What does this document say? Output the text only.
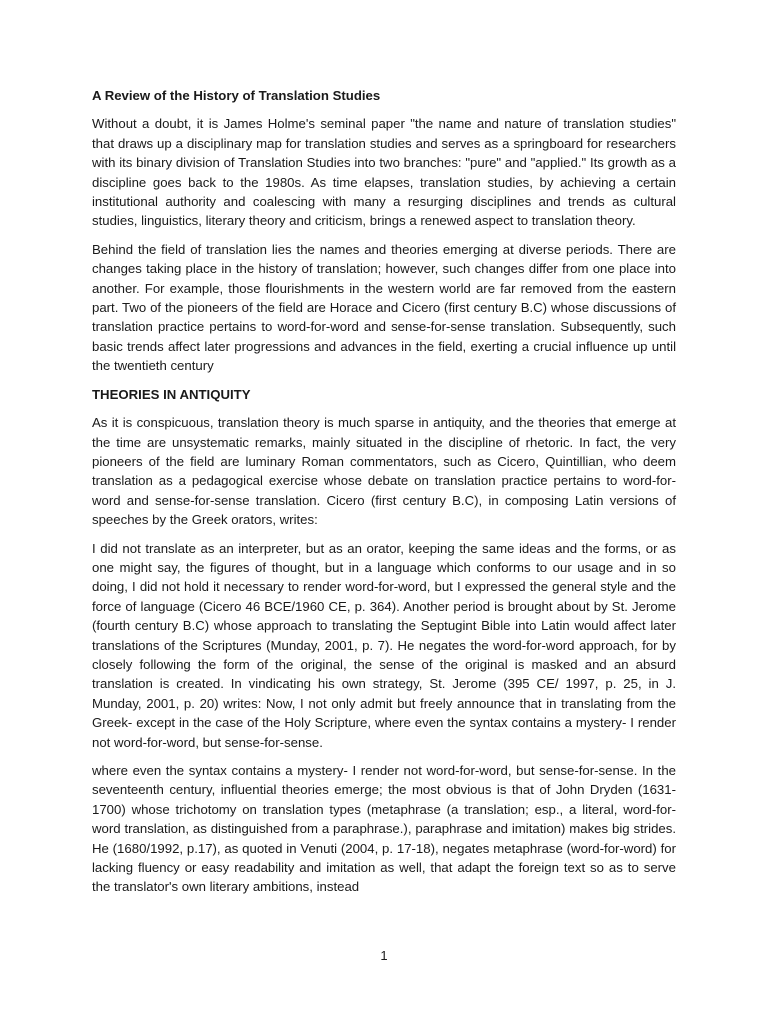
A Review of the History of Translation Studies

Without a doubt, it is James Holme's seminal paper "the name and nature of translation studies" that draws up a disciplinary map for translation studies and serves as a springboard for researchers with its binary division of Translation Studies into two branches: "pure" and "applied." Its growth as a discipline goes back to the 1980s. As time elapses, translation studies, by achieving a certain institutional authority and coalescing with many a resurging disciplines and trends as cultural studies, linguistics, literary theory and criticism, brings a renewed aspect to translation theory.

Behind the field of translation lies the names and theories emerging at diverse periods. There are changes taking place in the history of translation; however, such changes differ from one place into another. For example, those flourishments in the western world are far removed from the eastern part. Two of the pioneers of the field are Horace and Cicero (first century B.C) whose discussions of translation practice pertains to word-for-word and sense-for-sense translation. Subsequently, such basic trends affect later progressions and advances in the field, exerting a crucial influence up until the twentieth century

THEORIES IN ANTIQUITY

As it is conspicuous, translation theory is much sparse in antiquity, and the theories that emerge at the time are unsystematic remarks, mainly situated in the discipline of rhetoric. In fact, the very pioneers of the field are luminary Roman commentators, such as Cicero, Quintillian, who deem translation as a pedagogical exercise whose debate on translation practice pertains to word-for-word and sense-for-sense translation. Cicero (first century B.C), in composing Latin versions of speeches by the Greek orators, writes:

I did not translate as an interpreter, but as an orator, keeping the same ideas and the forms, or as one might say, the figures of thought, but in a language which conforms to our usage and in so doing, I did not hold it necessary to render word-for-word, but I expressed the general style and the force of language (Cicero 46 BCE/1960 CE, p. 364). Another period is brought about by St. Jerome (fourth century B.C) whose approach to translating the Septugint Bible into Latin would affect later translations of the Scriptures (Munday, 2001, p. 7). He negates the word-for-word approach, for by closely following the form of the original, the sense of the original is masked and an absurd translation is created. In vindicating his own strategy, St. Jerome (395 CE/ 1997, p. 25, in J. Munday, 2001, p. 20) writes: Now, I not only admit but freely announce that in translating from the Greek- except in the case of the Holy Scripture, where even the syntax contains a mystery- I render not word-for-word, but sense-for-sense.

where even the syntax contains a mystery- I render not word-for-word, but sense-for-sense. In the seventeenth century, influential theories emerge; the most obvious is that of John Dryden (1631-1700) whose trichotomy on translation types (metaphrase (a translation; esp., a literal, word-for-word translation, as distinguished from a paraphrase.), paraphrase and imitation) makes big strides. He (1680/1992, p.17), as quoted in Venuti (2004, p. 17-18), negates metaphrase (word-for-word) for lacking fluency or easy readability and imitation as well, that adapt the foreign text so as to serve the translator's own literary ambitions, instead

1
